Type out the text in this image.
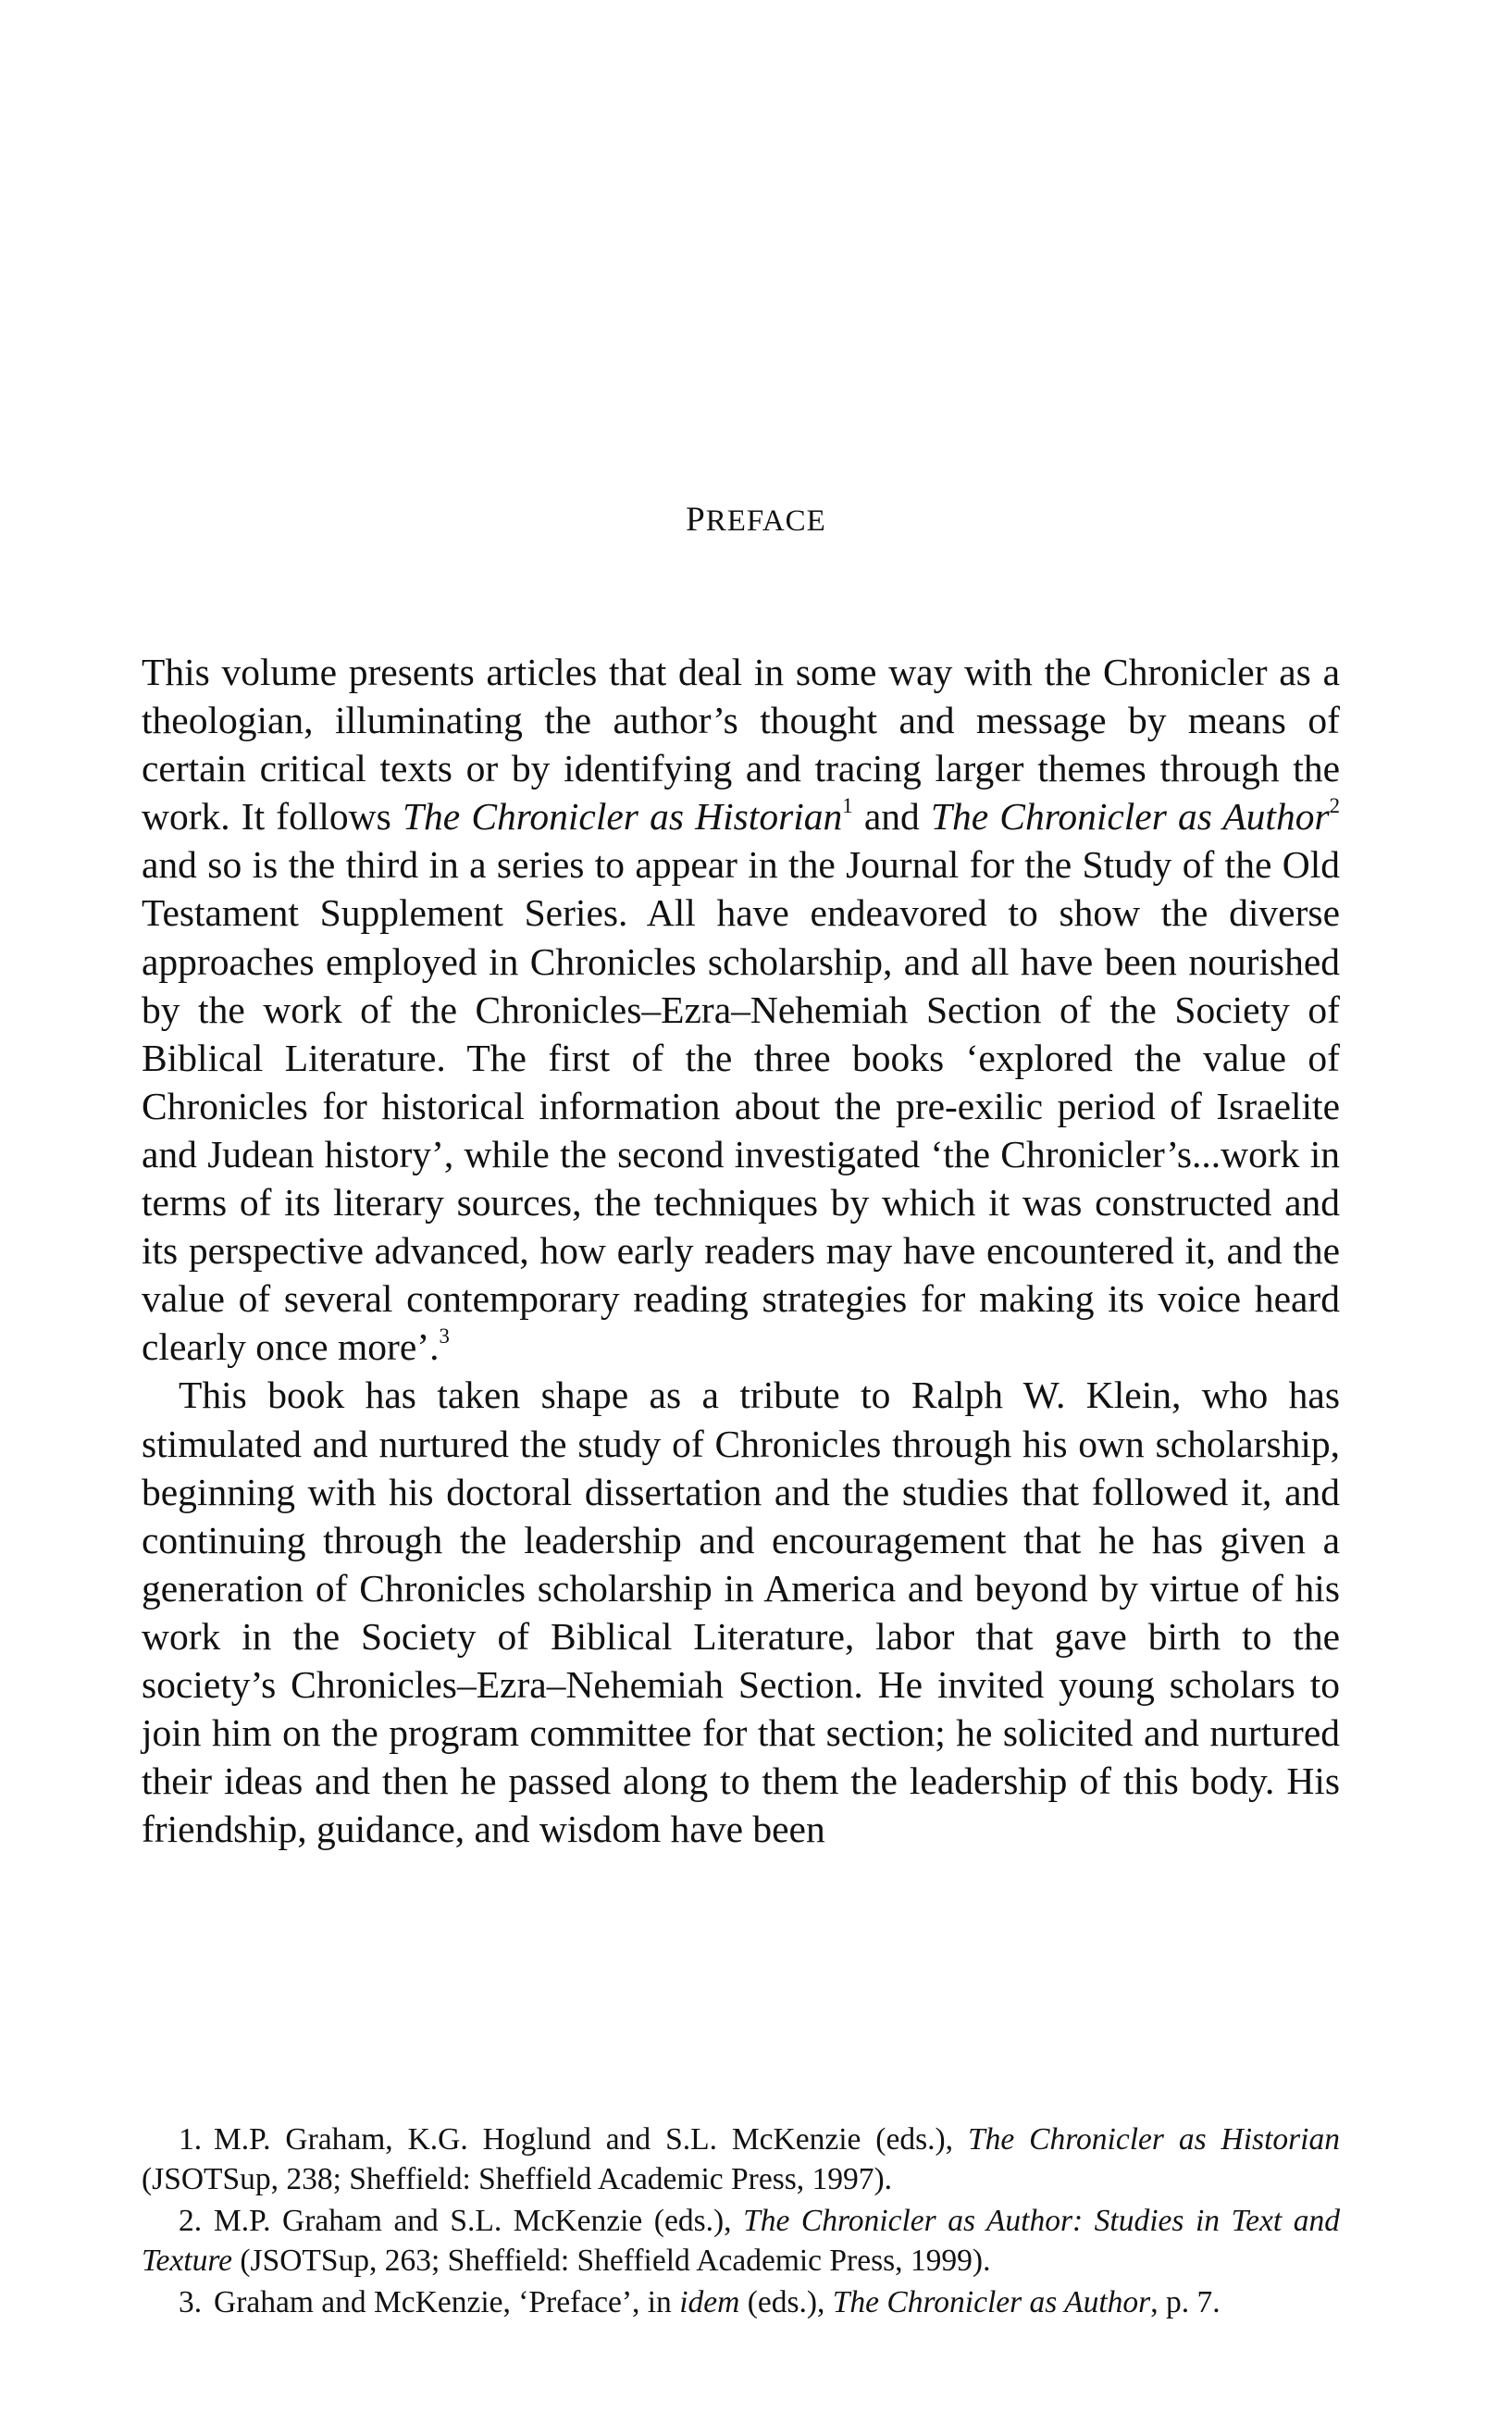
PREFACE

This volume presents articles that deal in some way with the Chronicler as a theologian, illuminating the author’s thought and message by means of certain critical texts or by identifying and tracing larger themes through the work. It follows The Chronicler as Historian$^1$ and The Chronicler as Author$^2$ and so is the third in a series to appear in the Journal for the Study of the Old Testament Supplement Series. All have endeavored to show the diverse approaches employed in Chronicles scholarship, and all have been nourished by the work of the Chronicles–Ezra–Nehemiah Section of the Society of Biblical Literature. The first of the three books ‘explored the value of Chronicles for historical information about the pre-exilic period of Israelite and Judean history’, while the second investigated ‘the Chronicler’s...work in terms of its literary sources, the techniques by which it was constructed and its perspective advanced, how early readers may have encountered it, and the value of several contemporary reading strategies for making its voice heard clearly once more’.$^3$

This book has taken shape as a tribute to Ralph W. Klein, who has stimulated and nurtured the study of Chronicles through his own scholarship, beginning with his doctoral dissertation and the studies that followed it, and continuing through the leadership and encouragement that he has given a generation of Chronicles scholarship in America and beyond by virtue of his work in the Society of Biblical Literature, labor that gave birth to the society’s Chronicles–Ezra–Nehemiah Section. He invited young scholars to join him on the program committee for that section; he solicited and nurtured their ideas and then he passed along to them the leadership of this body. His friendship, guidance, and wisdom have been

1. M.P. Graham, K.G. Hoglund and S.L. McKenzie (eds.), The Chronicler as Historian (JSOTSup, 238; Sheffield: Sheffield Academic Press, 1997).

2. M.P. Graham and S.L. McKenzie (eds.), The Chronicler as Author: Studies in Text and Texture (JSOTSup, 263; Sheffield: Sheffield Academic Press, 1999).

3. Graham and McKenzie, ‘Preface’, in idem (eds.), The Chronicler as Author, p. 7.
